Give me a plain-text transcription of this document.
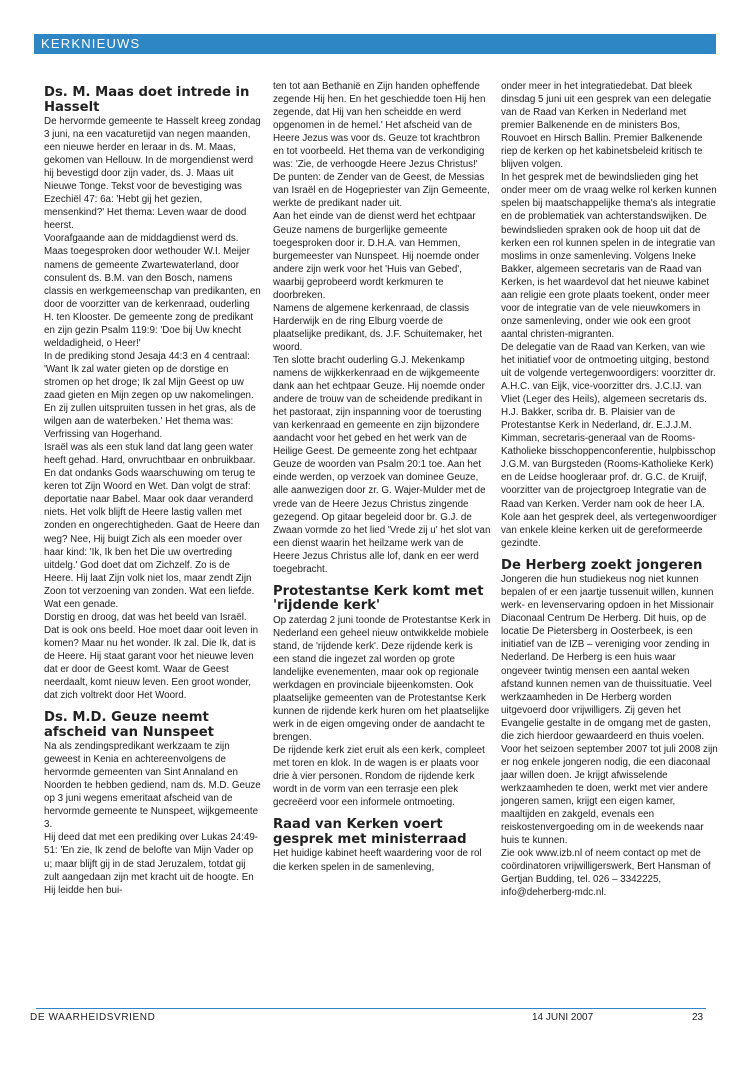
KERKNIEUWS
Ds. M. Maas doet intrede in Hasselt

De hervormde gemeente te Hasselt kreeg zondag 3 juni, na een vacaturetijd van negen maanden, een nieuwe herder en leraar in ds. M. Maas, gekomen van Hellouw. In de morgendienst werd hij bevestigd door zijn vader, ds. J. Maas uit Nieuwe Tonge. Tekst voor de bevestiging was Ezechiël 47: 6a: 'Hebt gij het gezien, mensenkind?' Het thema: Leven waar de dood heerst.

Voorafgaande aan de middagdienst werd ds. Maas toegesproken door wethouder W.I. Meijer namens de gemeente Zwartewaterland, door consulent ds. B.M. van den Bosch, namens classis en werkgemeenschap van predikanten, en door de voorzitter van de kerkenraad, ouderling H. ten Klooster. De gemeente zong de predikant en zijn gezin Psalm 119:9: 'Doe bij Uw knecht weldadigheid, o Heer!'

In de prediking stond Jesaja 44:3 en 4 centraal: 'Want Ik zal water gieten op de dorstige en stromen op het droge; Ik zal Mijn Geest op uw zaad gieten en Mijn zegen op uw nakomelingen. En zij zullen uitspruiten tussen in het gras, als de wilgen aan de waterbeken.' Het thema was: Verfrissing van Hogerhand.

Israël was als een stuk land dat lang geen water heeft gehad. Hard, onvruchtbaar en onbruikbaar. En dat ondanks Gods waarschuwing om terug te keren tot Zijn Woord en Wet. Dan volgt de straf: deportatie naar Babel. Maar ook daar veranderd niets. Het volk blijft de Heere lastig vallen met zonden en ongerechtigheden. Gaat de Heere dan weg? Nee, Hij buigt Zich als een moeder over haar kind: 'Ik, Ik ben het Die uw overtreding uitdelg.' God doet dat om Zichzelf. Zo is de Heere. Hij laat Zijn volk niet los, maar zendt Zijn Zoon tot verzoening van zonden. Wat een liefde. Wat een genade.

Dorstig en droog, dat was het beeld van Israël. Dat is ook ons beeld. Hoe moet daar ooit leven in komen? Maar nu het wonder. Ik zal. Die Ik, dat is de Heere. Hij staat garant voor het nieuwe leven dat er door de Geest komt. Waar de Geest neerdaalt, komt nieuw leven. Een groot wonder, dat zich voltrekt door Het Woord.

Ds. M.D. Geuze neemt afscheid van Nunspeet

Na als zendingspredikant werkzaam te zijn geweest in Kenia en achtereenvolgens de hervormde gemeenten van Sint Annaland en Noorden te hebben gediend, nam ds. M.D. Geuze op 3 juni wegens emeritaat afscheid van de hervormde gemeente te Nunspeet, wijkgemeente 3.

Hij deed dat met een prediking over Lukas 24:49-51: 'En zie, Ik zend de belofte van Mijn Vader op u; maar blijft gij in de stad Jeruzalem, totdat gij zult aangedaan zijn met kracht uit de hoogte. En Hij leidde hen bui-

ten tot aan Bethanië en Zijn handen opheffende zegende Hij hen. En het geschiedde toen Hij hen zegende, dat Hij van hen scheidde en werd opgenomen in de hemel.' Het afscheid van de Heere Jezus was voor ds. Geuze tot krachtbron en tot voorbeeld. Het thema van de verkondiging was: 'Zie, de verhoogde Heere Jezus Christus!' De punten: de Zender van de Geest, de Messias van Israël en de Hogepriester van Zijn Gemeente, werkte de predikant nader uit.

Aan het einde van de dienst werd het echtpaar Geuze namens de burgerlijke gemeente toegesproken door ir. D.H.A. van Hemmen, burgemeester van Nunspeet. Hij noemde onder andere zijn werk voor het 'Huis van Gebed', waarbij geprobeerd wordt kerkmuren te doorbreken.

Namens de algemene kerkenraad, de classis Harderwijk en de ring Elburg voerde de plaatselijke predikant, ds. J.F. Schuitemaker, het woord.

Ten slotte bracht ouderling G.J. Mekenkamp namens de wijkkerkenraad en de wijkgemeente dank aan het echtpaar Geuze. Hij noemde onder andere de trouw van de scheidende predikant in het pastoraat, zijn inspanning voor de toerusting van kerkenraad en gemeente en zijn bijzondere aandacht voor het gebed en het werk van de Heilige Geest. De gemeente zong het echtpaar Geuze de woorden van Psalm 20:1 toe. Aan het einde werden, op verzoek van dominee Geuze, alle aanwezigen door zr. G. Wajer-Mulder met de vrede van de Heere Jezus Christus zingende gezegend. Op gitaar begeleid door br. G.J. de Zwaan vormde zo het lied 'Vrede zij u' het slot van een dienst waarin het heilzame werk van de Heere Jezus Christus alle lof, dank en eer werd toegebracht.

Protestantse Kerk komt met 'rijdende kerk'

Op zaterdag 2 juni toonde de Protestantse Kerk in Nederland een geheel nieuw ontwikkelde mobiele stand, de 'rijdende kerk'. Deze rijdende kerk is een stand die ingezet zal worden op grote landelijke evenementen, maar ook op regionale werkdagen en provinciale bijeenkomsten. Ook plaatselijke gemeenten van de Protestantse Kerk kunnen de rijdende kerk huren om het plaatselijke werk in de eigen omgeving onder de aandacht te brengen.

De rijdende kerk ziet eruit als een kerk, compleet met toren en klok. In de wagen is er plaats voor drie à vier personen. Rondom de rijdende kerk wordt in de vorm van een terrasje een plek gecreëerd voor een informele ontmoeting.

Raad van Kerken voert gesprek met ministerraad

Het huidige kabinet heeft waardering voor de rol die kerken spelen in de samenleving,

onder meer in het integratiedebat. Dat bleek dinsdag 5 juni uit een gesprek van een delegatie van de Raad van Kerken in Nederland met premier Balkenende en de ministers Bos, Rouvoet en Hirsch Ballin. Premier Balkenende riep de kerken op het kabinetsbeleid kritisch te blijven volgen.

In het gesprek met de bewindslieden ging het onder meer om de vraag welke rol kerken kunnen spelen bij maatschappelijke thema's als integratie en de problematiek van achterstandswijken. De bewindslieden spraken ook de hoop uit dat de kerken een rol kunnen spelen in de integratie van moslims in onze samenleving. Volgens Ineke Bakker, algemeen secretaris van de Raad van Kerken, is het waardevol dat het nieuwe kabinet aan religie een grote plaats toekent, onder meer voor de integratie van de vele nieuwkomers in onze samenleving, onder wie ook een groot aantal christen-migranten.

De delegatie van de Raad van Kerken, van wie het initiatief voor de ontmoeting uitging, bestond uit de volgende vertegenwoordigers: voorzitter dr. A.H.C. van Eijk, vice-voorzitter drs. J.C.IJ. van Vliet (Leger des Heils), algemeen secretaris ds. H.J. Bakker, scriba dr. B. Plaisier van de Protestantse Kerk in Nederland, dr. E.J.J.M. Kimman, secretaris-generaal van de Rooms-Katholieke bisschoppenconferentie, hulpbisschop J.G.M. van Burgsteden (Rooms-Katholieke Kerk) en de Leidse hoogleraar prof. dr. G.C. de Kruijf, voorzitter van de projectgroep Integratie van de Raad van Kerken. Verder nam ook de heer I.A. Kole aan het gesprek deel, als vertegenwoordiger van enkele kleine kerken uit de gereformeerde gezindte.

De Herberg zoekt jongeren

Jongeren die hun studiekeus nog niet kunnen bepalen of er een jaartje tussenuit willen, kunnen werk- en levenservaring opdoen in het Missionair Diaconaal Centrum De Herberg. Dit huis, op de locatie De Pietersberg in Oosterbeek, is een initiatief van de IZB – vereniging voor zending in Nederland. De Herberg is een huis waar ongeveer twintig mensen een aantal weken afstand kunnen nemen van de thuissituatie. Veel werkzaamheden in De Herberg worden uitgevoerd door vrijwilligers. Zij geven het Evangelie gestalte in de omgang met de gasten, die zich hierdoor gewaardeerd en thuis voelen. Voor het seizoen september 2007 tot juli 2008 zijn er nog enkele jongeren nodig, die een diaconaal jaar willen doen. Je krijgt afwisselende werkzaamheden te doen, werkt met vier andere jongeren samen, krijgt een eigen kamer, maaltijden en zakgeld, evenals een reiskostenvergoeding om in de weekends naar huis te kunnen.

Zie ook www.izb.nl of neem contact op met de coördinatoren vrijwilligerswerk, Bert Hansman of Gertjan Budding, tel. 026 – 3342225, info@deherberg-mdc.nl.

DE WAARHEIDSVRIEND	14 JUNI 2007	23
